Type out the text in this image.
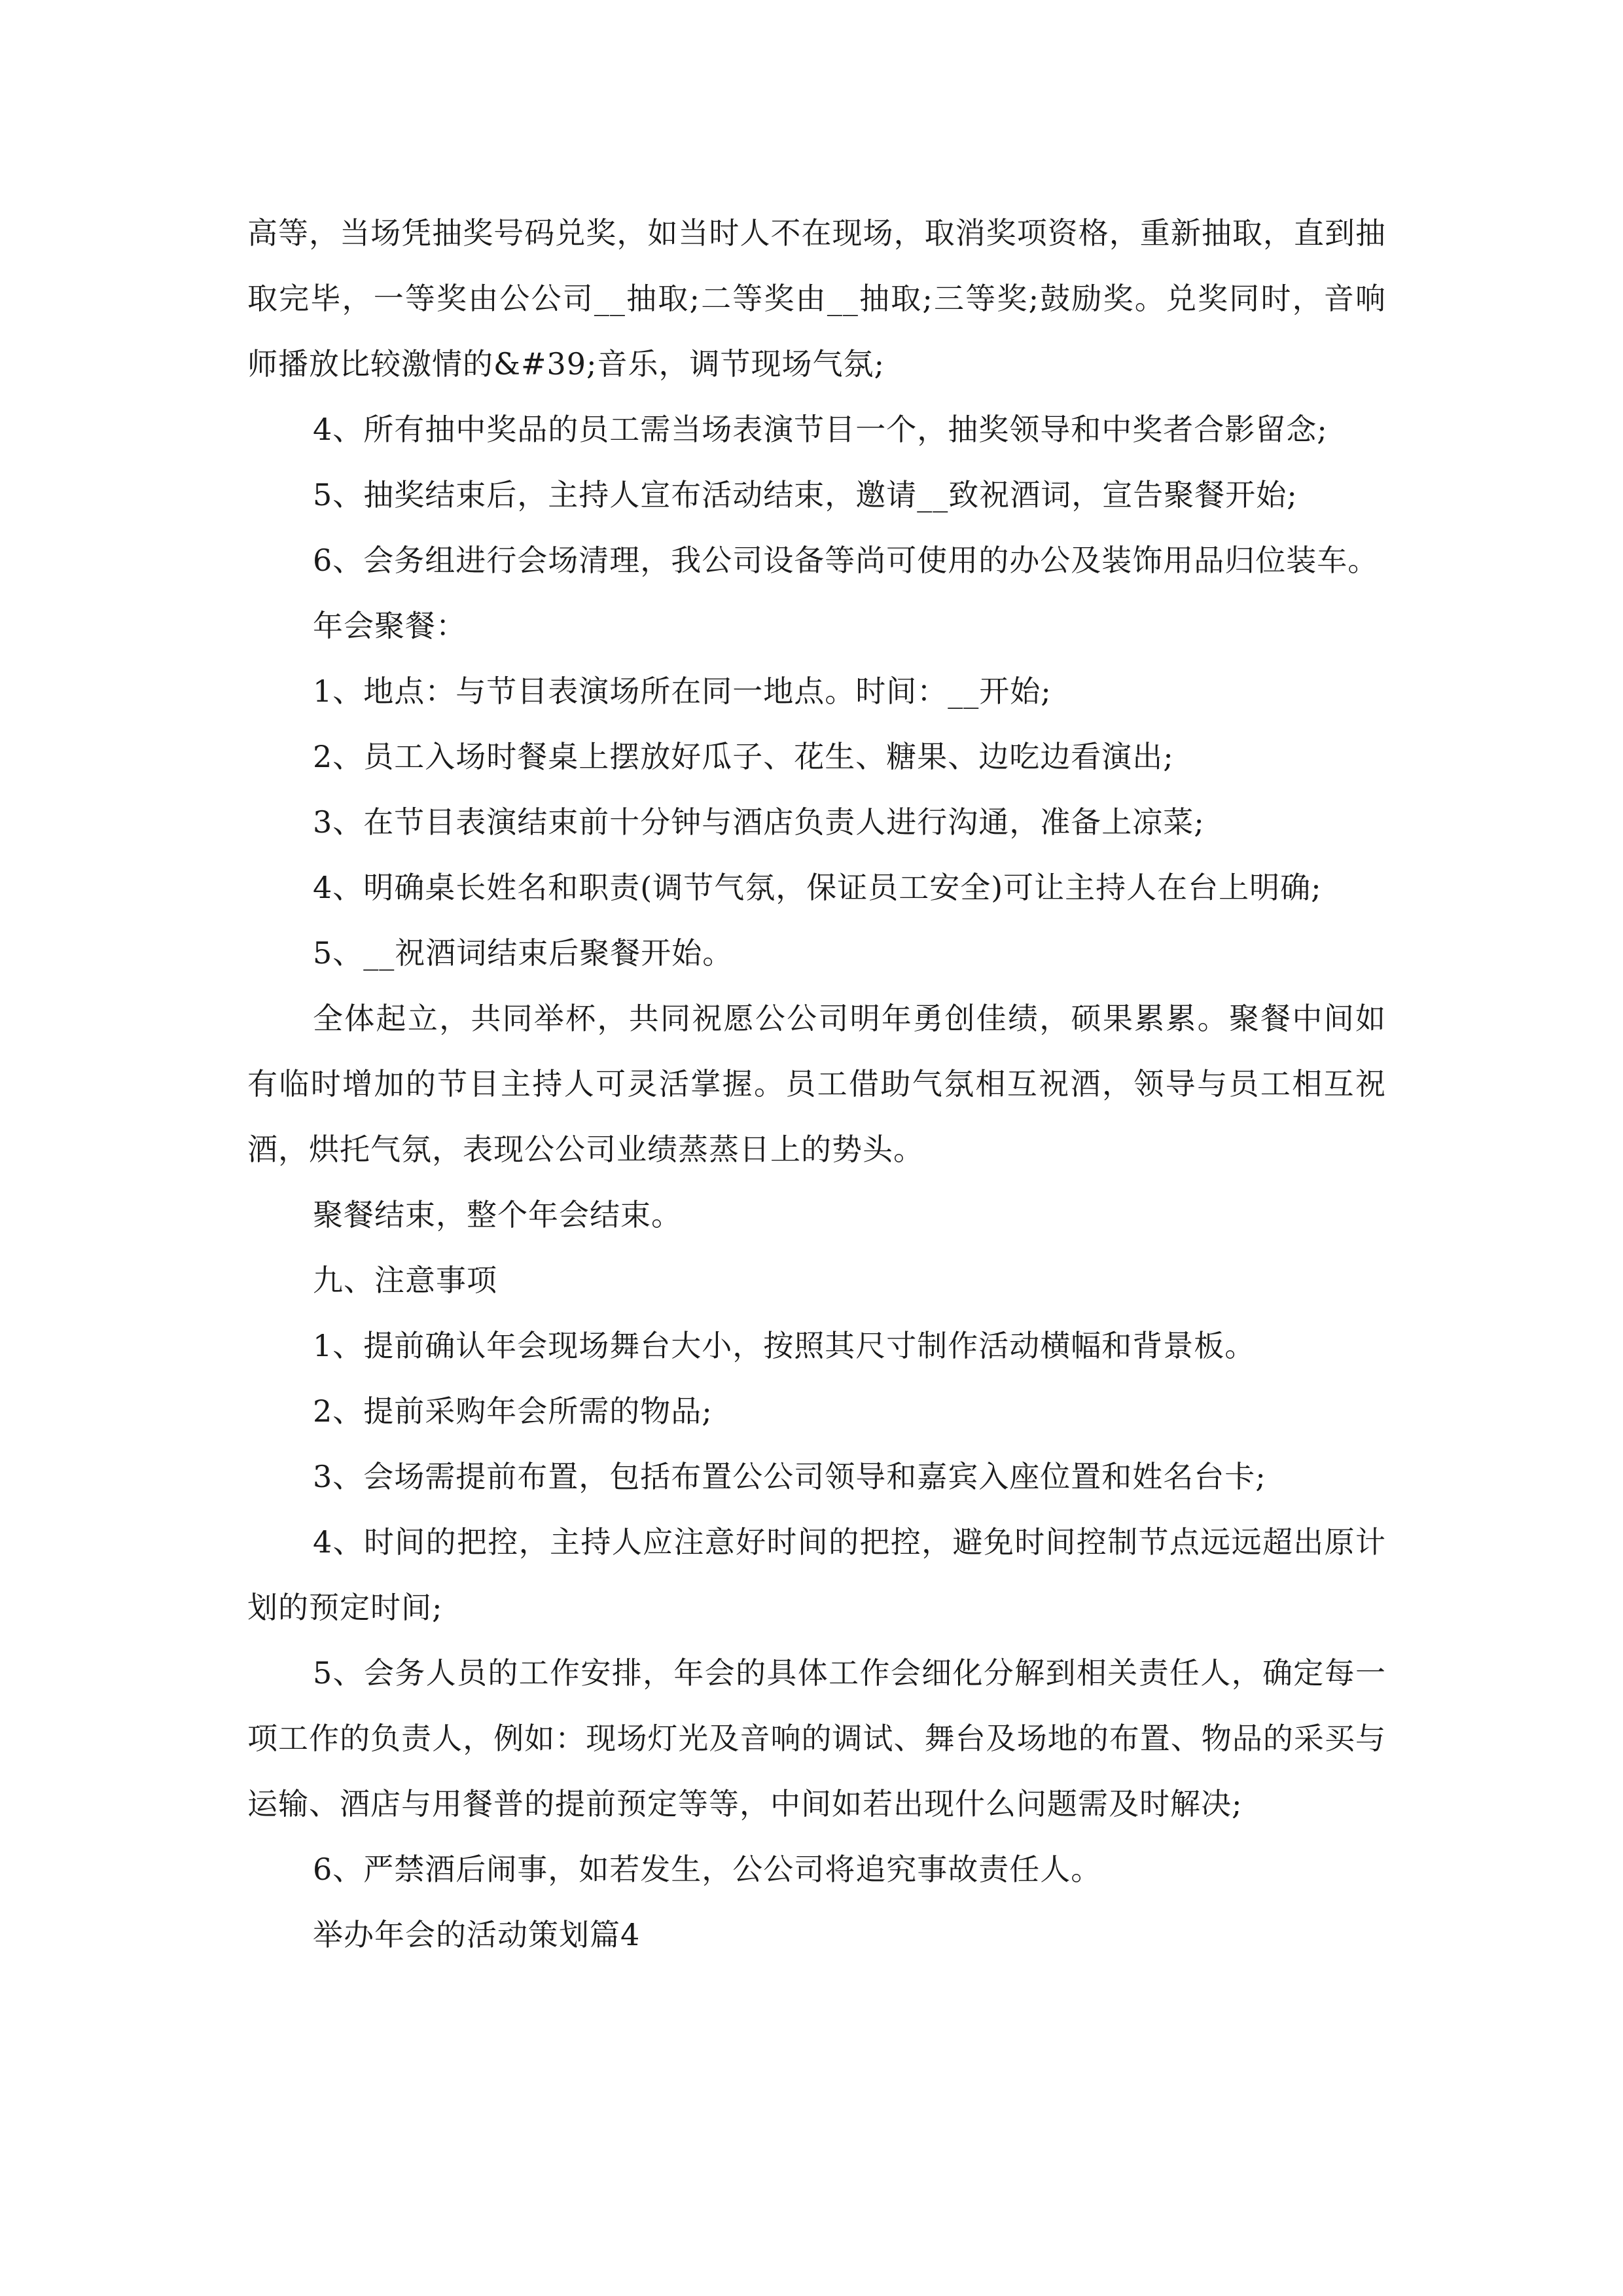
高等，当场凭抽奖号码兑奖，如当时人不在现场，取消奖项资格，重新抽取，直到抽取完毕，一等奖由公公司__抽取;二等奖由__抽取;三等奖;鼓励奖。兑奖同时，音响师播放比较激情的&#39;音乐，调节现场气氛;

4、所有抽中奖品的员工需当场表演节目一个，抽奖领导和中奖者合影留念;

5、抽奖结束后，主持人宣布活动结束，邀请__致祝酒词，宣告聚餐开始;

6、会务组进行会场清理，我公司设备等尚可使用的办公及装饰用品归位装车。

年会聚餐：

1、地点：与节目表演场所在同一地点。时间：__开始;

2、员工入场时餐桌上摆放好瓜子、花生、糖果、边吃边看演出;

3、在节目表演结束前十分钟与酒店负责人进行沟通，准备上凉菜;

4、明确桌长姓名和职责(调节气氛，保证员工安全)可让主持人在台上明确;

5、__祝酒词结束后聚餐开始。

全体起立，共同举杯，共同祝愿公公司明年勇创佳绩，硕果累累。聚餐中间如有临时增加的节目主持人可灵活掌握。员工借助气氛相互祝酒，领导与员工相互祝酒，烘托气氛，表现公公司业绩蒸蒸日上的势头。

聚餐结束，整个年会结束。

九、注意事项

1、提前确认年会现场舞台大小，按照其尺寸制作活动横幅和背景板。

2、提前采购年会所需的物品;

3、会场需提前布置，包括布置公公司领导和嘉宾入座位置和姓名台卡;

4、时间的把控，主持人应注意好时间的把控，避免时间控制节点远远超出原计划的预定时间;

5、会务人员的工作安排，年会的具体工作会细化分解到相关责任人，确定每一项工作的负责人，例如：现场灯光及音响的调试、舞台及场地的布置、物品的采买与运输、酒店与用餐普的提前预定等等，中间如若出现什么问题需及时解决;

6、严禁酒后闹事，如若发生，公公司将追究事故责任人。

举办年会的活动策划篇4
